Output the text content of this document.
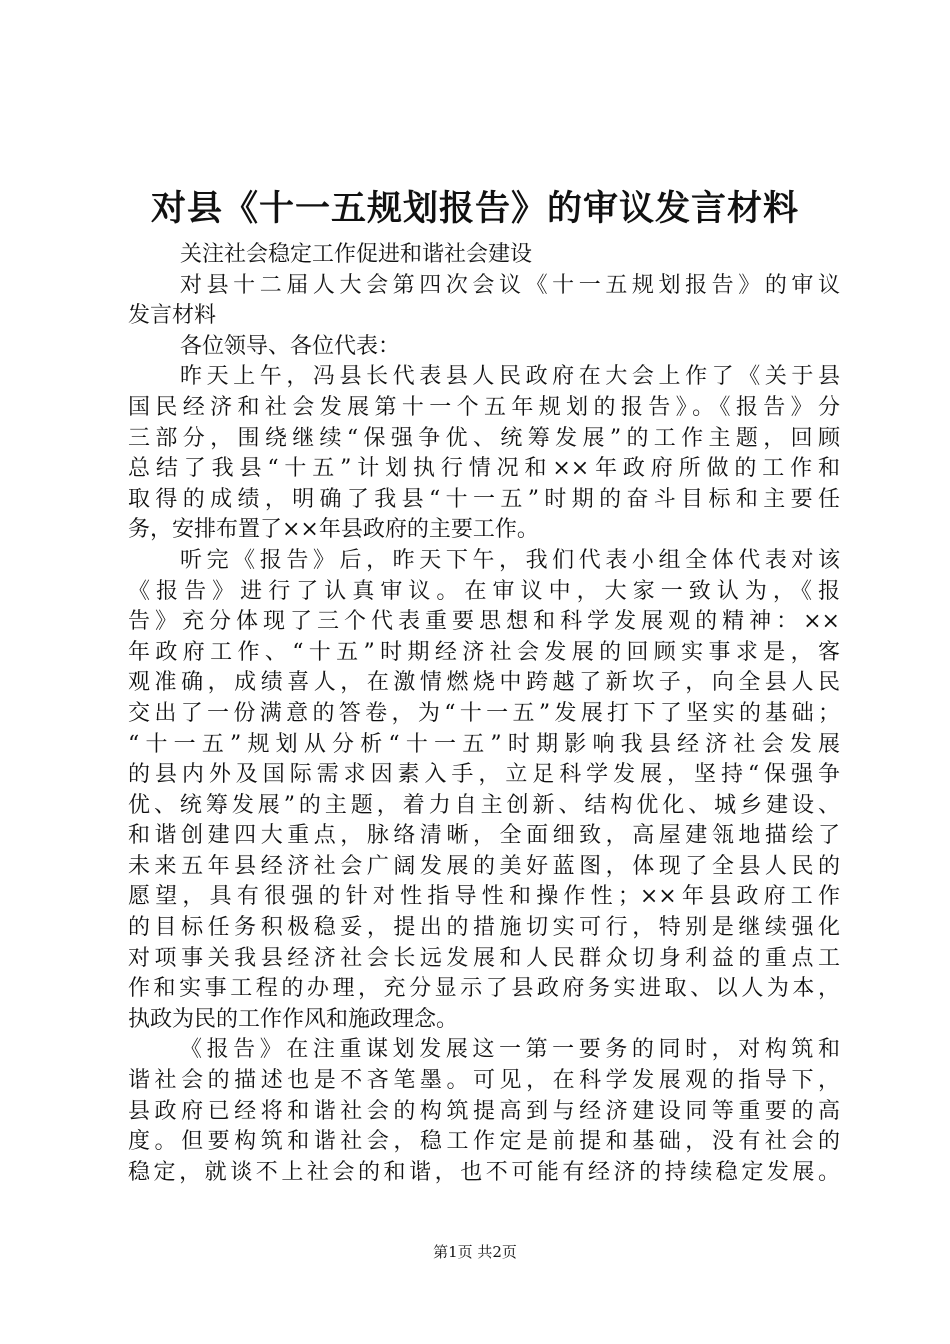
对县《十一五规划报告》的审议发言材料
关注社会稳定工作促进和谐社会建设
对县十二届人大会第四次会议《十一五规划报告》的审议
发言材料
各位领导、各位代表：
昨天上午，冯县长代表县人民政府在大会上作了《关于县
国民经济和社会发展第十一个五年规划的报告》。《报告》分
三部分，围绕继续“保强争优、统筹发展”的工作主题，回顾
总结了我县“十五”计划执行情况和××年政府所做的工作和
取得的成绩，明确了我县“十一五”时期的奋斗目标和主要任
务，安排布置了××年县政府的主要工作。
听完《报告》后，昨天下午，我们代表小组全体代表对该
《报告》进行了认真审议。在审议中，大家一致认为，《报
告》充分体现了三个代表重要思想和科学发展观的精神：××
年政府工作、“十五”时期经济社会发展的回顾实事求是，客
观准确，成绩喜人，在激情燃烧中跨越了新坎子，向全县人民
交出了一份满意的答卷，为“十一五”发展打下了坚实的基础；
“十一五”规划从分析“十一五”时期影响我县经济社会发展
的县内外及国际需求因素入手，立足科学发展，坚持“保强争
优、统筹发展”的主题，着力自主创新、结构优化、城乡建设、
和谐创建四大重点，脉络清晰，全面细致，高屋建瓴地描绘了
未来五年县经济社会广阔发展的美好蓝图，体现了全县人民的
愿望，具有很强的针对性指导性和操作性；××年县政府工作
的目标任务积极稳妥，提出的措施切实可行，特别是继续强化
对项事关我县经济社会长远发展和人民群众切身利益的重点工
作和实事工程的办理，充分显示了县政府务实进取、以人为本，
执政为民的工作作风和施政理念。
《报告》在注重谋划发展这一第一要务的同时，对构筑和
谐社会的描述也是不吝笔墨。可见，在科学发展观的指导下，
县政府已经将和谐社会的构筑提高到与经济建设同等重要的高
度。但要构筑和谐社会，稳工作定是前提和基础，没有社会的
稳定，就谈不上社会的和谐，也不可能有经济的持续稳定发展。
第1页 共2页
